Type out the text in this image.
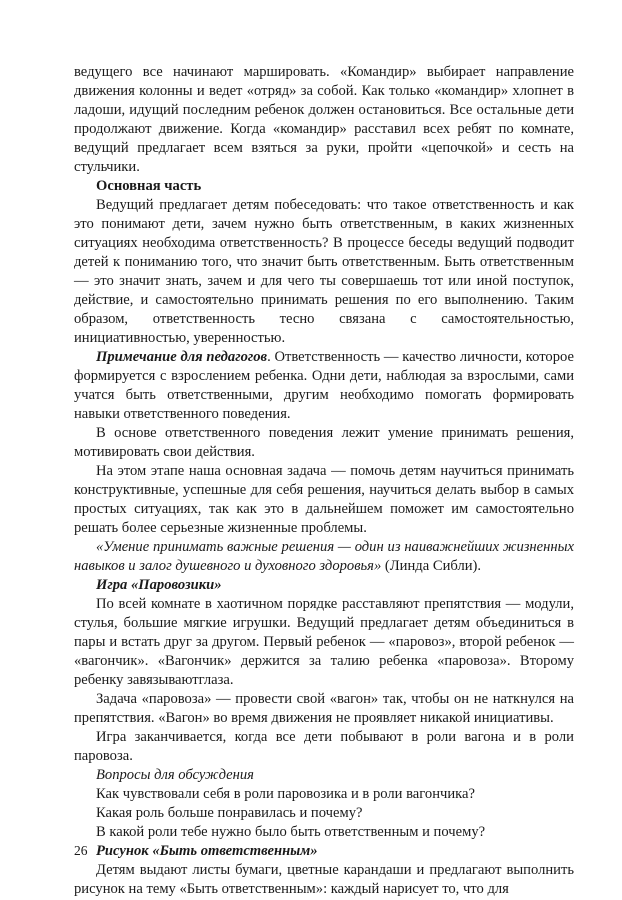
ведущего все начинают маршировать. «Командир» выбирает направление движения колонны и ведет «отряд» за собой. Как только «командир» хлопнет в ладоши, идущий последним ребенок должен остановиться. Все остальные дети продолжают движение. Когда «командир» расставил всех ребят по комнате, ведущий предлагает всем взяться за руки, пройти «цепочкой» и сесть на стульчики.

Основная часть

Ведущий предлагает детям побеседовать: что такое ответственность и как это понимают дети, зачем нужно быть ответственным, в каких жизненных ситуациях необходима ответственность? В процессе беседы ведущий подводит детей к пониманию того, что значит быть ответственным. Быть ответственным — это значит знать, зачем и для чего ты совершаешь тот или иной поступок, действие, и самостоятельно принимать решения по его выполнению. Таким образом, ответственность тесно связана с самостоятельностью, инициативностью, уверенностью.

Примечание для педагогов. Ответственность — качество личности, которое формируется с взрослением ребенка. Одни дети, наблюдая за взрослыми, сами учатся быть ответственными, другим необходимо помогать формировать навыки ответственного поведения.

В основе ответственного поведения лежит умение принимать решения, мотивировать свои действия.

На этом этапе наша основная задача — помочь детям научиться принимать конструктивные, успешные для себя решения, научиться делать выбор в самых простых ситуациях, так как это в дальнейшем поможет им самостоятельно решать более серьезные жизненные проблемы.

«Умение принимать важные решения — один из наиважнейших жизненных навыков и залог душевного и духовного здоровья» (Линда Сибли).

Игра «Паровозики»

По всей комнате в хаотичном порядке расставляют препятствия — модули, стулья, большие мягкие игрушки. Ведущий предлагает детям объединиться в пары и встать друг за другом. Первый ребенок — «паровоз», второй ребенок — «вагончик». «Вагончик» держится за талию ребенка «паровоза». Второму ребенку завязываютглаза.

Задача «паровоза» — провести свой «вагон» так, чтобы он не наткнулся на препятствия. «Вагон» во время движения не проявляет никакой инициативы.

Игра заканчивается, когда все дети побывают в роли вагона и в роли паровоза.

Вопросы для обсуждения

Как чувствовали себя в роли паровозика и в роли вагончика?

Какая роль больше понравилась и почему?

В какой роли тебе нужно было быть ответственным и почему?

Рисунок «Быть ответственным»

Детям выдают листы бумаги, цветные карандаши и предлагают выполнить рисунок на тему «Быть ответственным»: каждый нарисует то, что для

26
